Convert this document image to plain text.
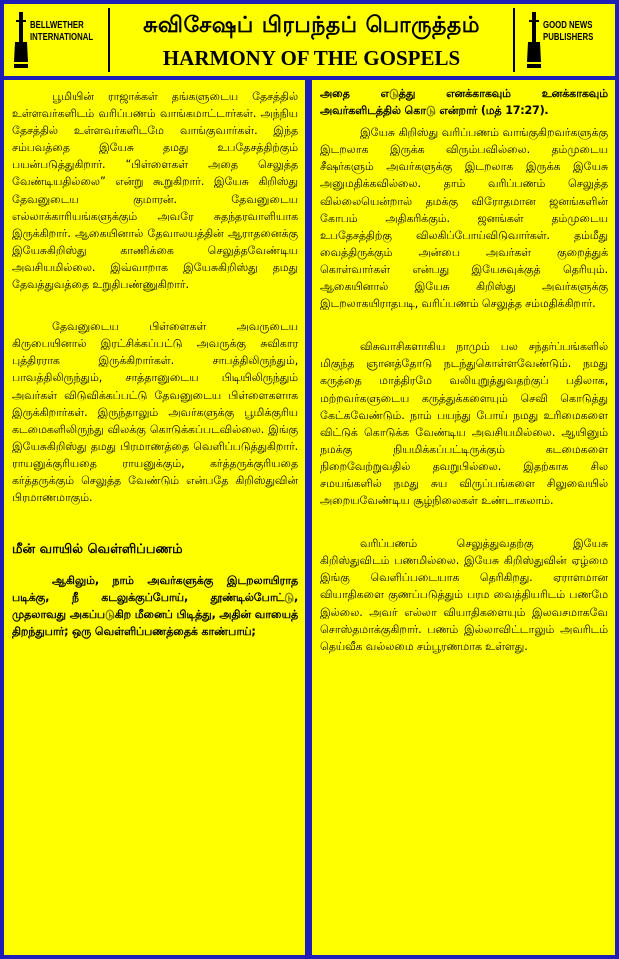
BELLWETHER
INTERNATIONAL	சுவிசேஷப் பிரபந்தப் பொருத்தம்
HARMONY OF THE GOSPELS
GOOD NEWS
PUBLISHERS

பூமியின் ராஜாக்கள் தங்களுடைய தேசத்தில் உள்ளவர்களிடம் வரிப்பணம் வாங்கமாட்டார்கள். அந்நிய தேசத்தில் உள்ளவர்களிடமே வாங்குவார்கள். இந்த சம்பவத்தை இயேசு தமது உபதேசத்திற்கும் பயன்படுத்துகிறார். “பிள்ளைகள் அதை செலுத்த வேண்டியதில்லை” என்று கூறுகிறார். இயேசு கிறிஸ்து தேவனுடைய குமாரன். தேவனுடைய எல்லாக்காரியங்களுக்கும் அவரே சுதந்தரவாளியாக இருக்கிறார். ஆகையினால் தேவாலயத்தின் ஆராதனைக்கு இயேசுகிறிஸ்து காணிக்கை செலுத்தவேண்டிய அவசியமில்லை. இவ்வாறாக இயேசுகிறிஸ்து தமது தேவத்துவத்தை உறுதிபண்ணுகிறார்.

தேவனுடைய பிள்ளைகள் அவருடைய கிருபையினால் இரட்சிக்கப்பட்டு அவருக்கு சுவிகார புத்திரராக இருக்கிறார்கள். சாபத்திலிருந்தும், பாவத்திலிருந்தும், சாத்தானுடைய பிடியிலிருந்தும் அவர்கள் விடுவிக்கப்பட்டு தேவனுடைய பிள்ளைகளாக இருக்கிறார்கள். இருந்தாலும் அவர்களுக்கு பூமிக்குரிய கடமைகளிலிருந்து விலக்கு கொடுக்கப்படவில்லை. இங்கு இயேசுகிறிஸ்து தமது பிரமாணத்தை வெளிப்படுத்துகிறார். ராயனுக்குரியதை ராயனுக்கும், கர்த்தருக்குரியதை கர்த்தருக்கும் செலுத்த வேண்டும் என்பதே கிறிஸ்துவின் பிரமாணமாகும்.

மீன் வாயில் வெள்ளிப்பணம்

ஆகிலும், நாம் அவர்களுக்கு இடறலாயிராத படிக்கு, நீ கடலுக்குப்போய், தூண்டில்போட்டு, முதலாவது அகப்படுகிற மீனைப் பிடித்து, அதின் வாயைத் திறந்துபார்; ஒரு வெள்ளிப்பணத்தைக் காண்பாய்;

அதை எடுத்து எனக்காகவும் உனக்காகவும் அவர்களிடத்தில் கொடு என்றார் (மத் 17:27).

இயேசு கிறிஸ்து வரிப்பணம் வாங்குகிறவர்களுக்கு இடறலாக இருக்க விரும்பவில்லை. தம்முடைய சீஷர்களும் அவர்களுக்கு இடறலாக இருக்க இயேசு அனுமதிக்கவில்லை. தாம் வரிப்பணம் செலுத்த வில்லையென்றால் தமக்கு விரோதமான ஜனங்களின் கோபம் அதிகரிக்கும். ஜனங்கள் தம்முடைய உபதேசத்திற்கு விலகிப்போய்விடுவார்கள். தம்மீது வைத்திருக்கும் அன்பை அவர்கள் குறைத்துக் கொள்வார்கள் என்பது இயேசுவுக்குத் தெரியும். ஆகையினால் இயேசு கிறிஸ்து அவர்களுக்கு இடறலாகயிராதபடி, வரிப்பணம் செலுத்த சம்மதிக்கிறார்.

விசுவாசிகளாகிய நாமும் பல சந்தர்ப்பங்களில் மிகுந்த ஞானத்தோடு நடந்துகொள்ளவேண்டும். நமது கருத்தை மாத்திரமே வலியுறுத்துவதற்குப் பதிலாக, மற்றவர்களுடைய கருத்துக்களையும் செவி கொடுத்து கேட்கவேண்டும். நாம் பயந்து போய் நமது உரிமைகளை விட்டுக் கொடுக்க வேண்டிய அவசியமில்லை. ஆயினும் நமக்கு நியமிக்கப்பட்டிருக்கும் கடமைகளை நிறைவேற்றுவதில் தவறுபில்லை. இதற்காக சில சமயங்களில் நமது சுய விருப்பங்களை சிலுவையில் அறையவேண்டிய சூழ்நிலைகள் உண்டாகலாம்.

வரிப்பணம் செலுத்துவதற்கு இயேசு கிறிஸ்துவிடம் பணமில்லை. இயேசு கிறிஸ்துவின் ஏழ்மை இங்கு வெளிப்படையாக தெரிகிறது. ஏராளமான வியாதிகளை குணப்படுத்தும் பரம வைத்தியரிடம் பணமே இல்லை. அவர் எல்லா வியாதிகளையும் இலவசமாகவே சொஸ்தமாக்குகிறார். பணம் இல்லாவிட்டாலும் அவரிடம் தெய்வீக வல்லமை சம்பூரணமாக உள்ளது.
